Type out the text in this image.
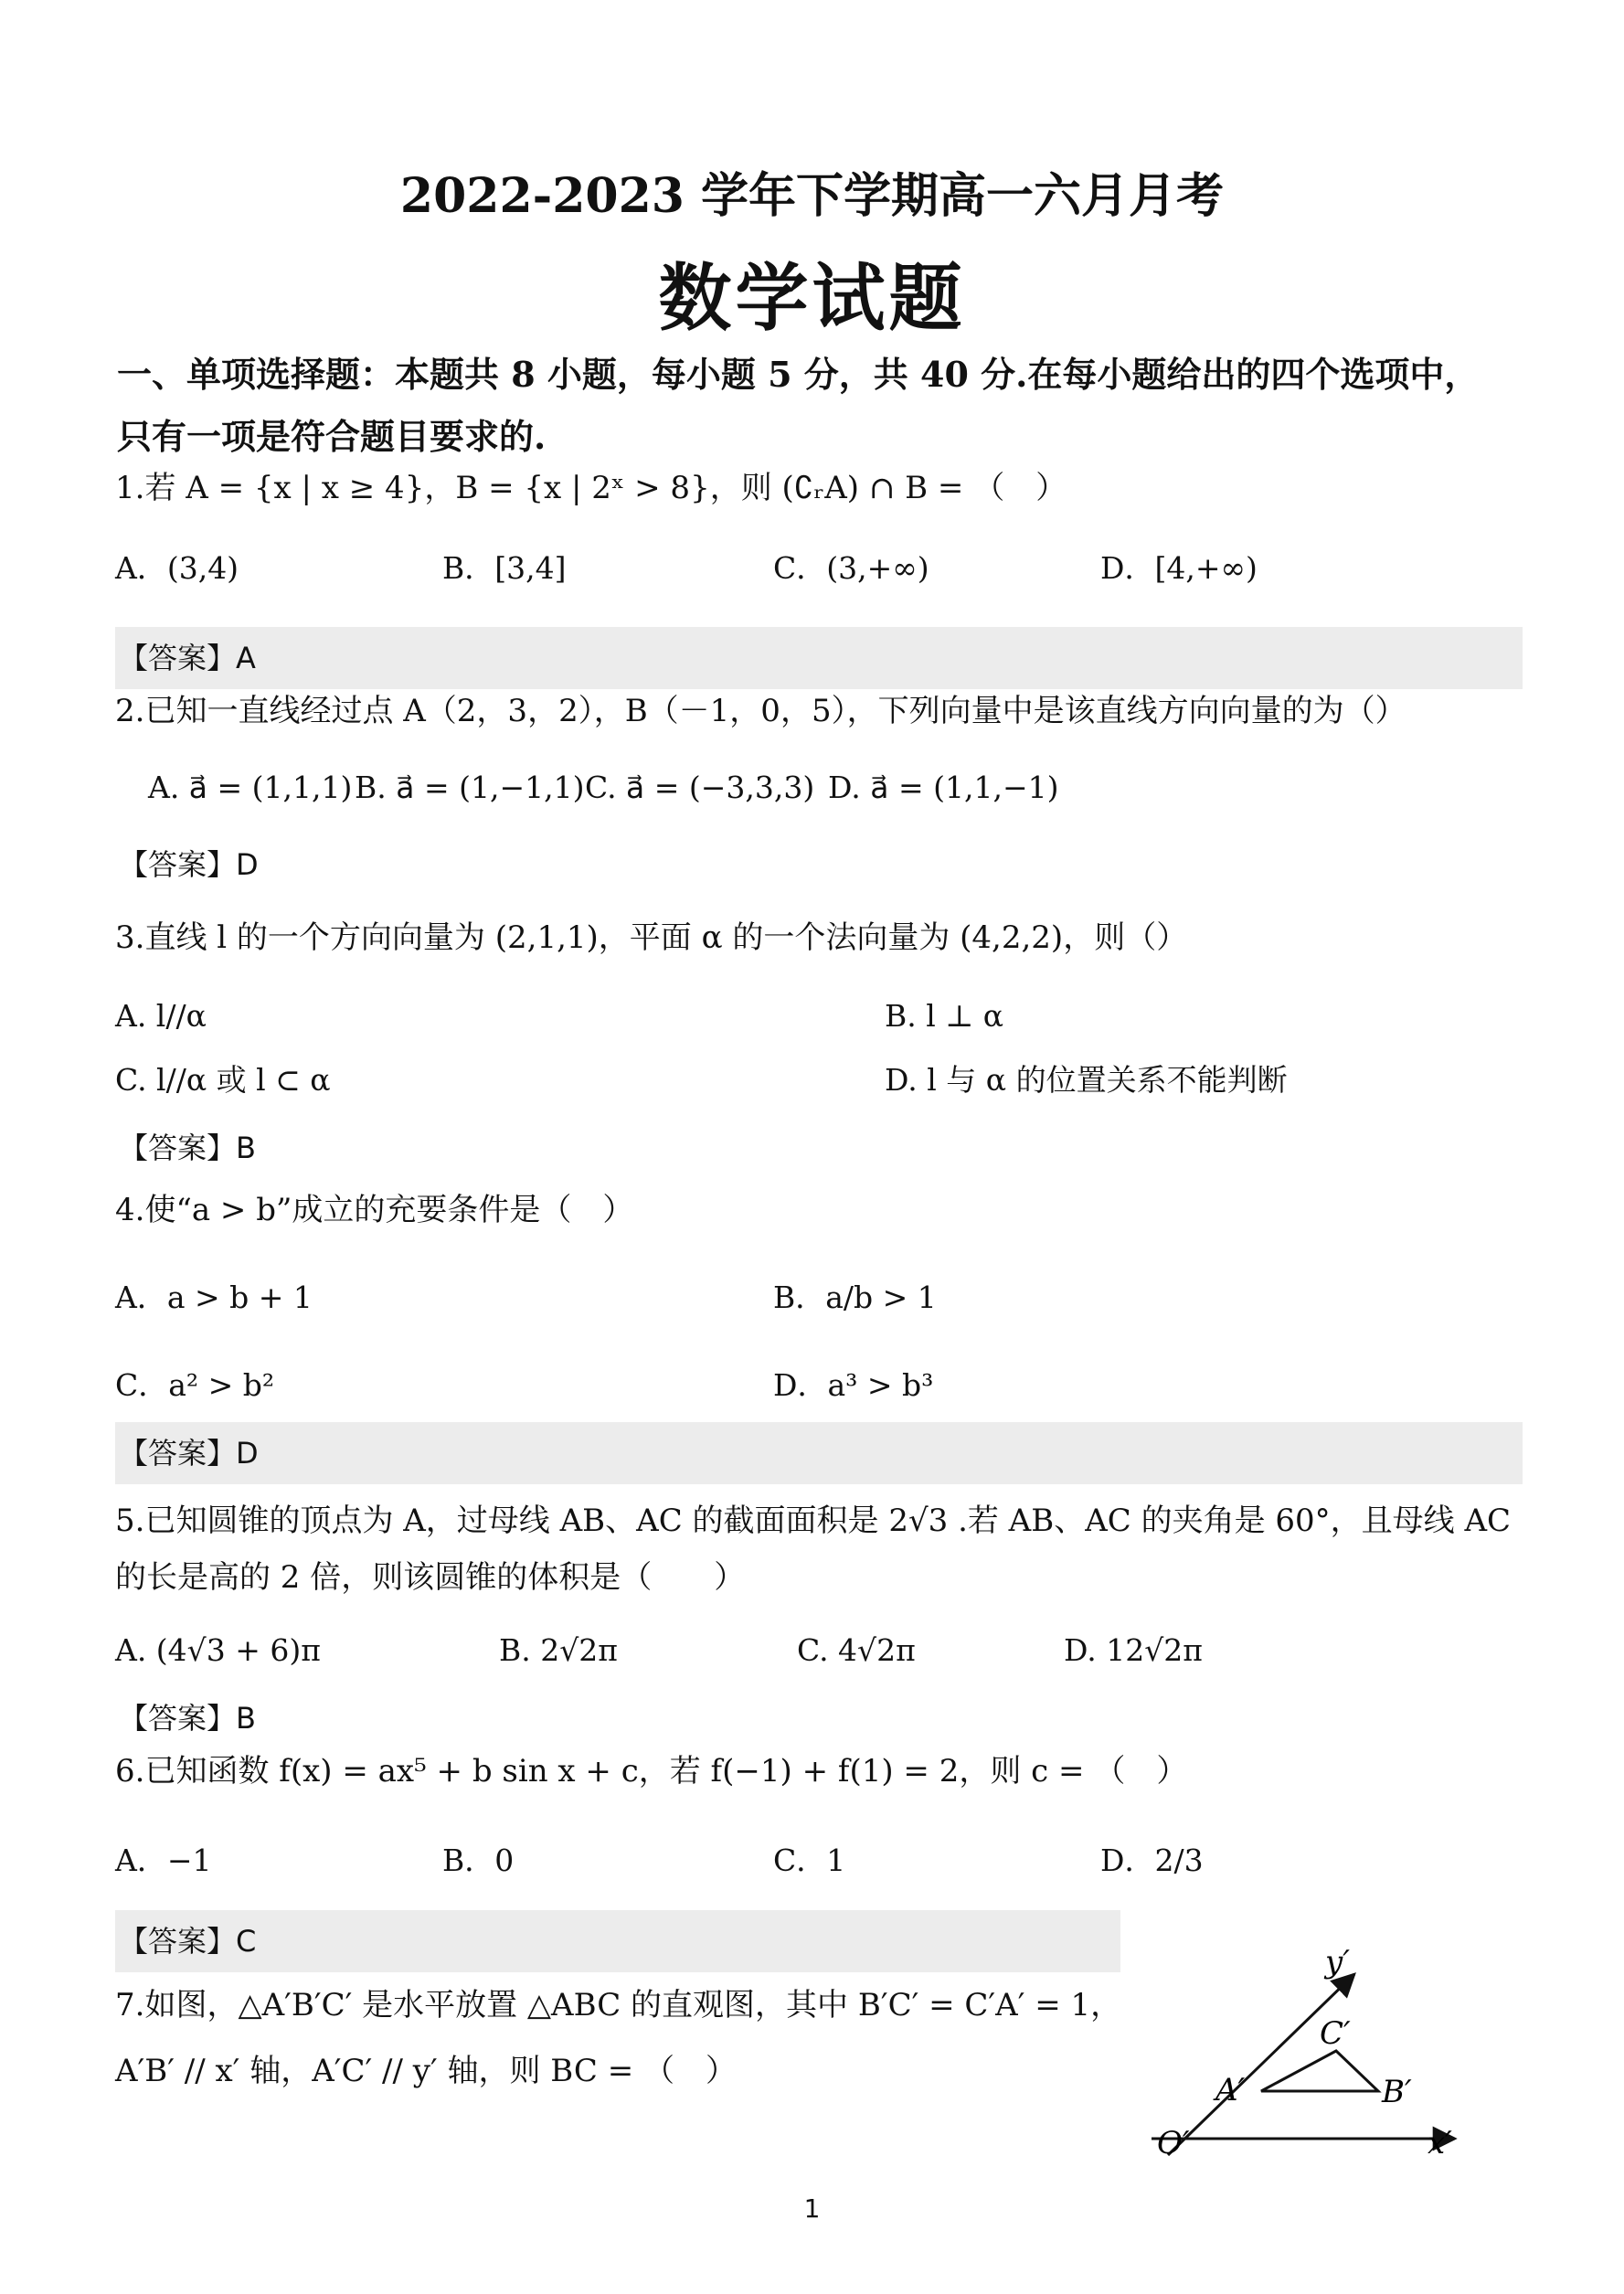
2022-2023 学年下学期高一六月月考
数学试题
一、单项选择题：本题共 8 小题，每小题 5 分，共 40 分.在每小题给出的四个选项中，
只有一项是符合题目要求的.
1.若 A = {x | x ≥ 4}，B = {x | 2ˣ > 8}，则 (∁ᵣA) ∩ B = （　）
A．(3,4)	B．[3,4]	C．(3,+∞)	D．[4,+∞)
【答案】A
2.已知一直线经过点 A（2，3，2），B（－1，0，5），下列向量中是该直线方向向量的为（）
A. a⃗ = (1,1,1) B. a⃗ = (1,−1,1) C. a⃗ = (−3,3,3) D. a⃗ = (1,1,−1)
【答案】D
3.直线 l 的一个方向向量为 (2,1,1)，平面 α 的一个法向量为 (4,2,2)，则（）
A. l//α	B. l ⊥ α
C. l//α 或 l ⊂ α	D. l 与 α 的位置关系不能判断
【答案】B
4.使“a > b”成立的充要条件是（　）
A．a > b + 1	B．a/b > 1
C．a² > b²	D．a³ > b³
【答案】D
5.已知圆锥的顶点为 A，过母线 AB、AC 的截面面积是 2√3 .若 AB、AC 的夹角是 60°，且母线 AC
的长是高的 2 倍，则该圆锥的体积是（　　）
A. (4√3 + 6)π	B. 2√2π	C. 4√2π	D. 12√2π
【答案】B
6.已知函数 f(x) = ax⁵ + b sin x + c，若 f(−1) + f(1) = 2，则 c = （　）
A．−1	B．0	C．1	D．2/3
【答案】C
7.如图，△A′B′C′ 是水平放置 △ABC 的直观图，其中 B′C′ = C′A′ = 1，
A′B′ // x′ 轴，A′C′ // y′ 轴，则 BC = （　）
y′
C′
A′	B′
O′	x′
1
